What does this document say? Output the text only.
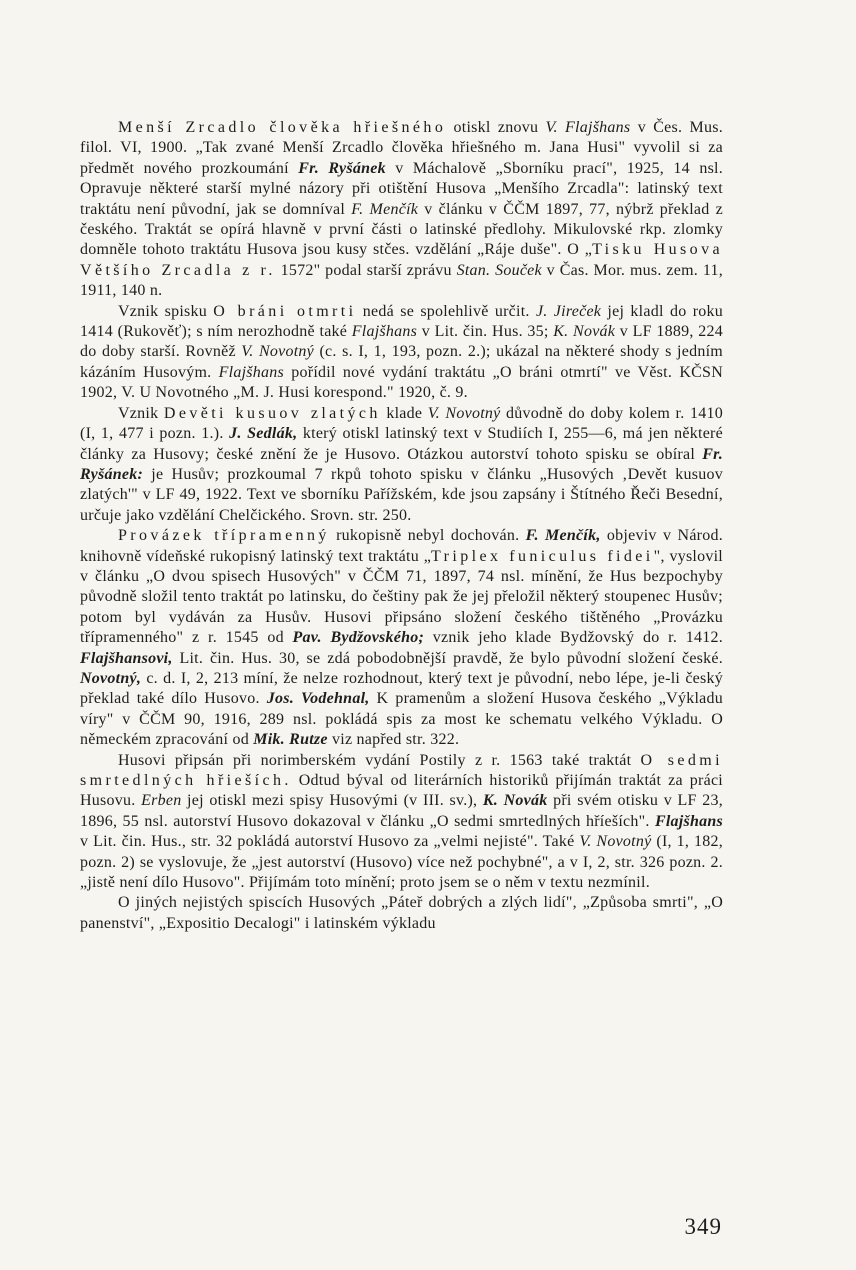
Menší Zrcadlo člověka hřiešného otiskl znovu V. Flajšhans v Čes. Mus. filol. VI, 1900. „Tak zvané Menší Zrcadlo člověka hřiešného m. Jana Husi" vyvolil si za předmět nového prozkoumání Fr. Ryšánek v Máchalově „Sborníku prací", 1925, 14 nsl. Opravuje některé starší mylné názory při otištění Husova „Menšího Zrcadla": latinský text traktátu není původní, jak se domníval F. Menčík v článku v ČČM 1897, 77, nýbrž překlad z českého. Traktát se opírá hlavně v první části o latinské předlohy. Mikulovské rkp. zlomky domněle tohoto traktátu Husova jsou kusy stčes. vzdělání „Ráje duše". O „Tisku Husova Většího Zrcadla z r. 1572" podal starší zprávu Stan. Souček v Čas. Mor. mus. zem. 11, 1911, 140 n.

Vznik spisku O bráni otmrti nedá se spolehlivě určit. J. Jireček jej kladl do roku 1414 (Rukověť); s ním nerozhodně také Flajšhans v Lit. čin. Hus. 35; K. Novák v LF 1889, 224 do doby starší. Rovněž V. Novotný (c. s. I, 1, 193, pozn. 2.); ukázal na některé shody s jedním kázáním Husovým. Flajšhans pořídil nové vydání traktátu „O bráni otmrtí" ve Věst. KČSN 1902, V. U Novotného „M. J. Husi korespond." 1920, č. 9.

Vznik Devěti kusuov zlatých klade V. Novotný důvodně do doby kolem r. 1410 (I, 1, 477 i pozn. 1.). J. Sedlák, který otiskl latinský text v Studiích I, 255—6, má jen některé články za Husovy; české znění že je Husovo. Otázkou autorství tohoto spisku se obíral Fr. Ryšánek: je Husův; prozkoumal 7 rkpů tohoto spisku v článku „Husových ‚Devět kusuov zlatých'" v LF 49, 1922. Text ve sborníku Pařížském, kde jsou zapsány i Štítného Řeči Besední, určuje jako vzdělání Chelčického. Srovn. str. 250.

Provázek třípramenný rukopisně nebyl dochován. F. Menčík, objeviv v Národ. knihovně vídeňské rukopisný latinský text traktátu „Triplex funiculus fidei", vyslovil v článku „O dvou spisech Husových" v ČČM 71, 1897, 74 nsl. mínění, že Hus bezpochyby původně složil tento traktát po latinsku, do češtiny pak že jej přeložil některý stoupenec Husův; potom byl vydáván za Husův. Husovi připsáno složení českého tištěného „Provázku třípramenného" z r. 1545 od Pav. Bydžovského; vznik jeho klade Bydžovský do r. 1412. Flajšhansovi, Lit. čin. Hus. 30, se zdá pobodobnější pravdě, že bylo původní složení české. Novotný, c. d. I, 2, 213 míní, že nelze rozhodnout, který text je původní, nebo lépe, je-li český překlad také dílo Husovo. Jos. Vodehnal, K pramenům a složení Husova českého „Výkladu víry" v ČČM 90, 1916, 289 nsl. pokládá spis za most ke schematu velkého Výkladu. O německém zpracování od Mik. Rutze viz napřed str. 322.

Husovi připsán při norimberském vydání Postily z r. 1563 také traktát O sedmi smrtedlných hřieších. Odtud býval od literárních historiků přijímán traktát za práci Husovu. Erben jej otiskl mezi spisy Husovými (v III. sv.), K. Novák při svém otisku v LF 23, 1896, 55 nsl. autorství Husovo dokazoval v článku „O sedmi smrtedlných hříeších". Flajšhans v Lit. čin. Hus., str. 32 pokládá autorství Husovo za „velmi nejisté". Také V. Novotný (I, 1, 182, pozn. 2) se vyslovuje, že „jest autorství (Husovo) více než pochybné", a v I, 2, str. 326 pozn. 2. „jistě není dílo Husovo". Přijímám toto mínění; proto jsem se o něm v textu nezmínil.

O jiných nejistých spiscích Husových „Páteř dobrých a zlých lidí", „Způsoba smrti", „O panenství", „Expositio Decalogi" i latinském výkladu

349
